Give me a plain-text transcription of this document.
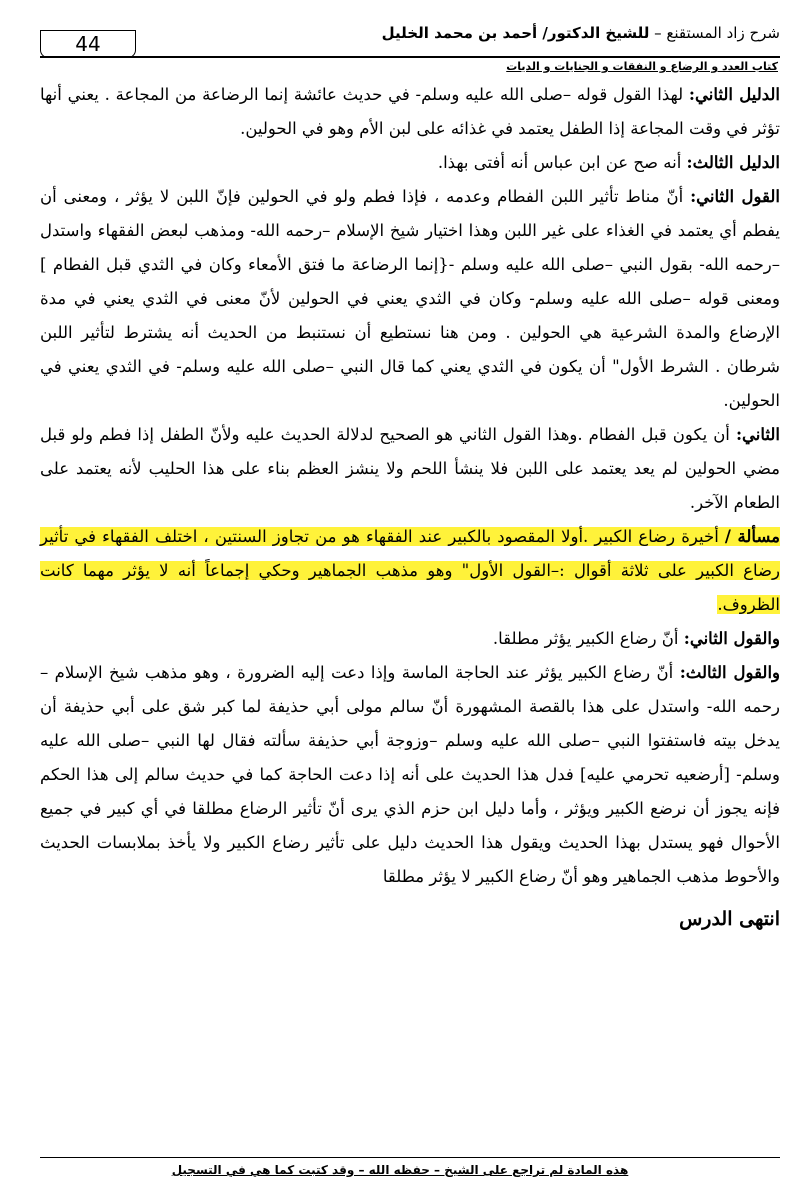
شرح زاد المستقنع – للشيخ الدكتور/ أحمد بن محمد الخليل
44
كتاب العدد و الرضاع و النفقات و الجنايات و الديات

الدليل الثاني: لهذا القول قوله –صلى الله عليه وسلم- في حديث عائشة إنما الرضاعة من المجاعة . يعني أنها تؤثر في وقت المجاعة إذا الطفل يعتمد في غذائه على لبن الأم وهو في الحولين.

الدليل الثالث: أنه صح عن ابن عباس أنه أفتى بهذا.

القول الثاني: أنّ مناط تأثير اللبن الفطام وعدمه ، فإذا فطم ولو في الحولين فإنّ اللبن لا يؤثر ، ومعنى أن يفطم أي يعتمد في الغذاء على غير اللبن وهذا اختيار شيخ الإسلام –رحمه الله- ومذهب لبعض الفقهاء واستدل –رحمه الله- بقول النبي –صلى الله عليه وسلم -{إنما الرضاعة ما فتق الأمعاء وكان في الثدي قبل الفطام ] ومعنى قوله –صلى الله عليه وسلم- وكان في الثدي يعني في الحولين لأنّ معنى في الثدي يعني في مدة الإرضاع والمدة الشرعية هي الحولين . ومن هنا نستطيع أن نستنبط من الحديث أنه يشترط لتأثير اللبن شرطان . الشرط الأول" أن يكون في الثدي يعني كما قال النبي –صلى الله عليه وسلم- في الثدي يعني في الحولين.

الثاني: أن يكون قبل الفطام .وهذا القول الثاني هو الصحيح لدلالة الحديث عليه ولأنّ الطفل إذا فطم ولو قبل مضي الحولين لم يعد يعتمد على اللبن فلا ينشأ اللحم ولا ينشز العظم بناء على هذا الحليب لأنه يعتمد على الطعام الآخر.

مسألة / أخيرة رضاع الكبير .أولا المقصود بالكبير عند الفقهاء هو من تجاوز السنتين ، اختلف الفقهاء في تأثير رضاع الكبير على ثلاثة أقوال :–القول الأول" وهو مذهب الجماهير وحكي إجماعاً أنه لا يؤثر مهما كانت الظروف.

والقول الثاني: أنّ رضاع الكبير يؤثر مطلقا.

والقول الثالث: أنّ رضاع الكبير يؤثر عند الحاجة الماسة وإذا دعت إليه الضرورة ، وهو مذهب شيخ الإسلام –رحمه الله- واستدل على هذا بالقصة المشهورة أنّ سالم مولى أبي حذيفة لما كبر شق على أبي حذيفة أن يدخل بيته فاستفتوا النبي –صلى الله عليه وسلم –وزوجة أبي حذيفة سألته فقال لها النبي –صلى الله عليه وسلم- [أرضعيه تحرمي عليه] فدل هذا الحديث على أنه إذا دعت الحاجة كما في حديث سالم إلى هذا الحكم فإنه يجوز أن نرضع الكبير ويؤثر ، وأما دليل ابن حزم الذي يرى أنّ تأثير الرضاع مطلقا في أي كبير في جميع الأحوال فهو يستدل بهذا الحديث ويقول هذا الحديث دليل على تأثير رضاع الكبير ولا يأخذ بملابسات الحديث والأحوط مذهب الجماهير وهو أنّ رضاع الكبير لا يؤثر مطلقا

انتهى الدرس

هذه المادة لم تراجع على الشيخ – حفظه الله – وقد كتبت كما هي في التسجيل
